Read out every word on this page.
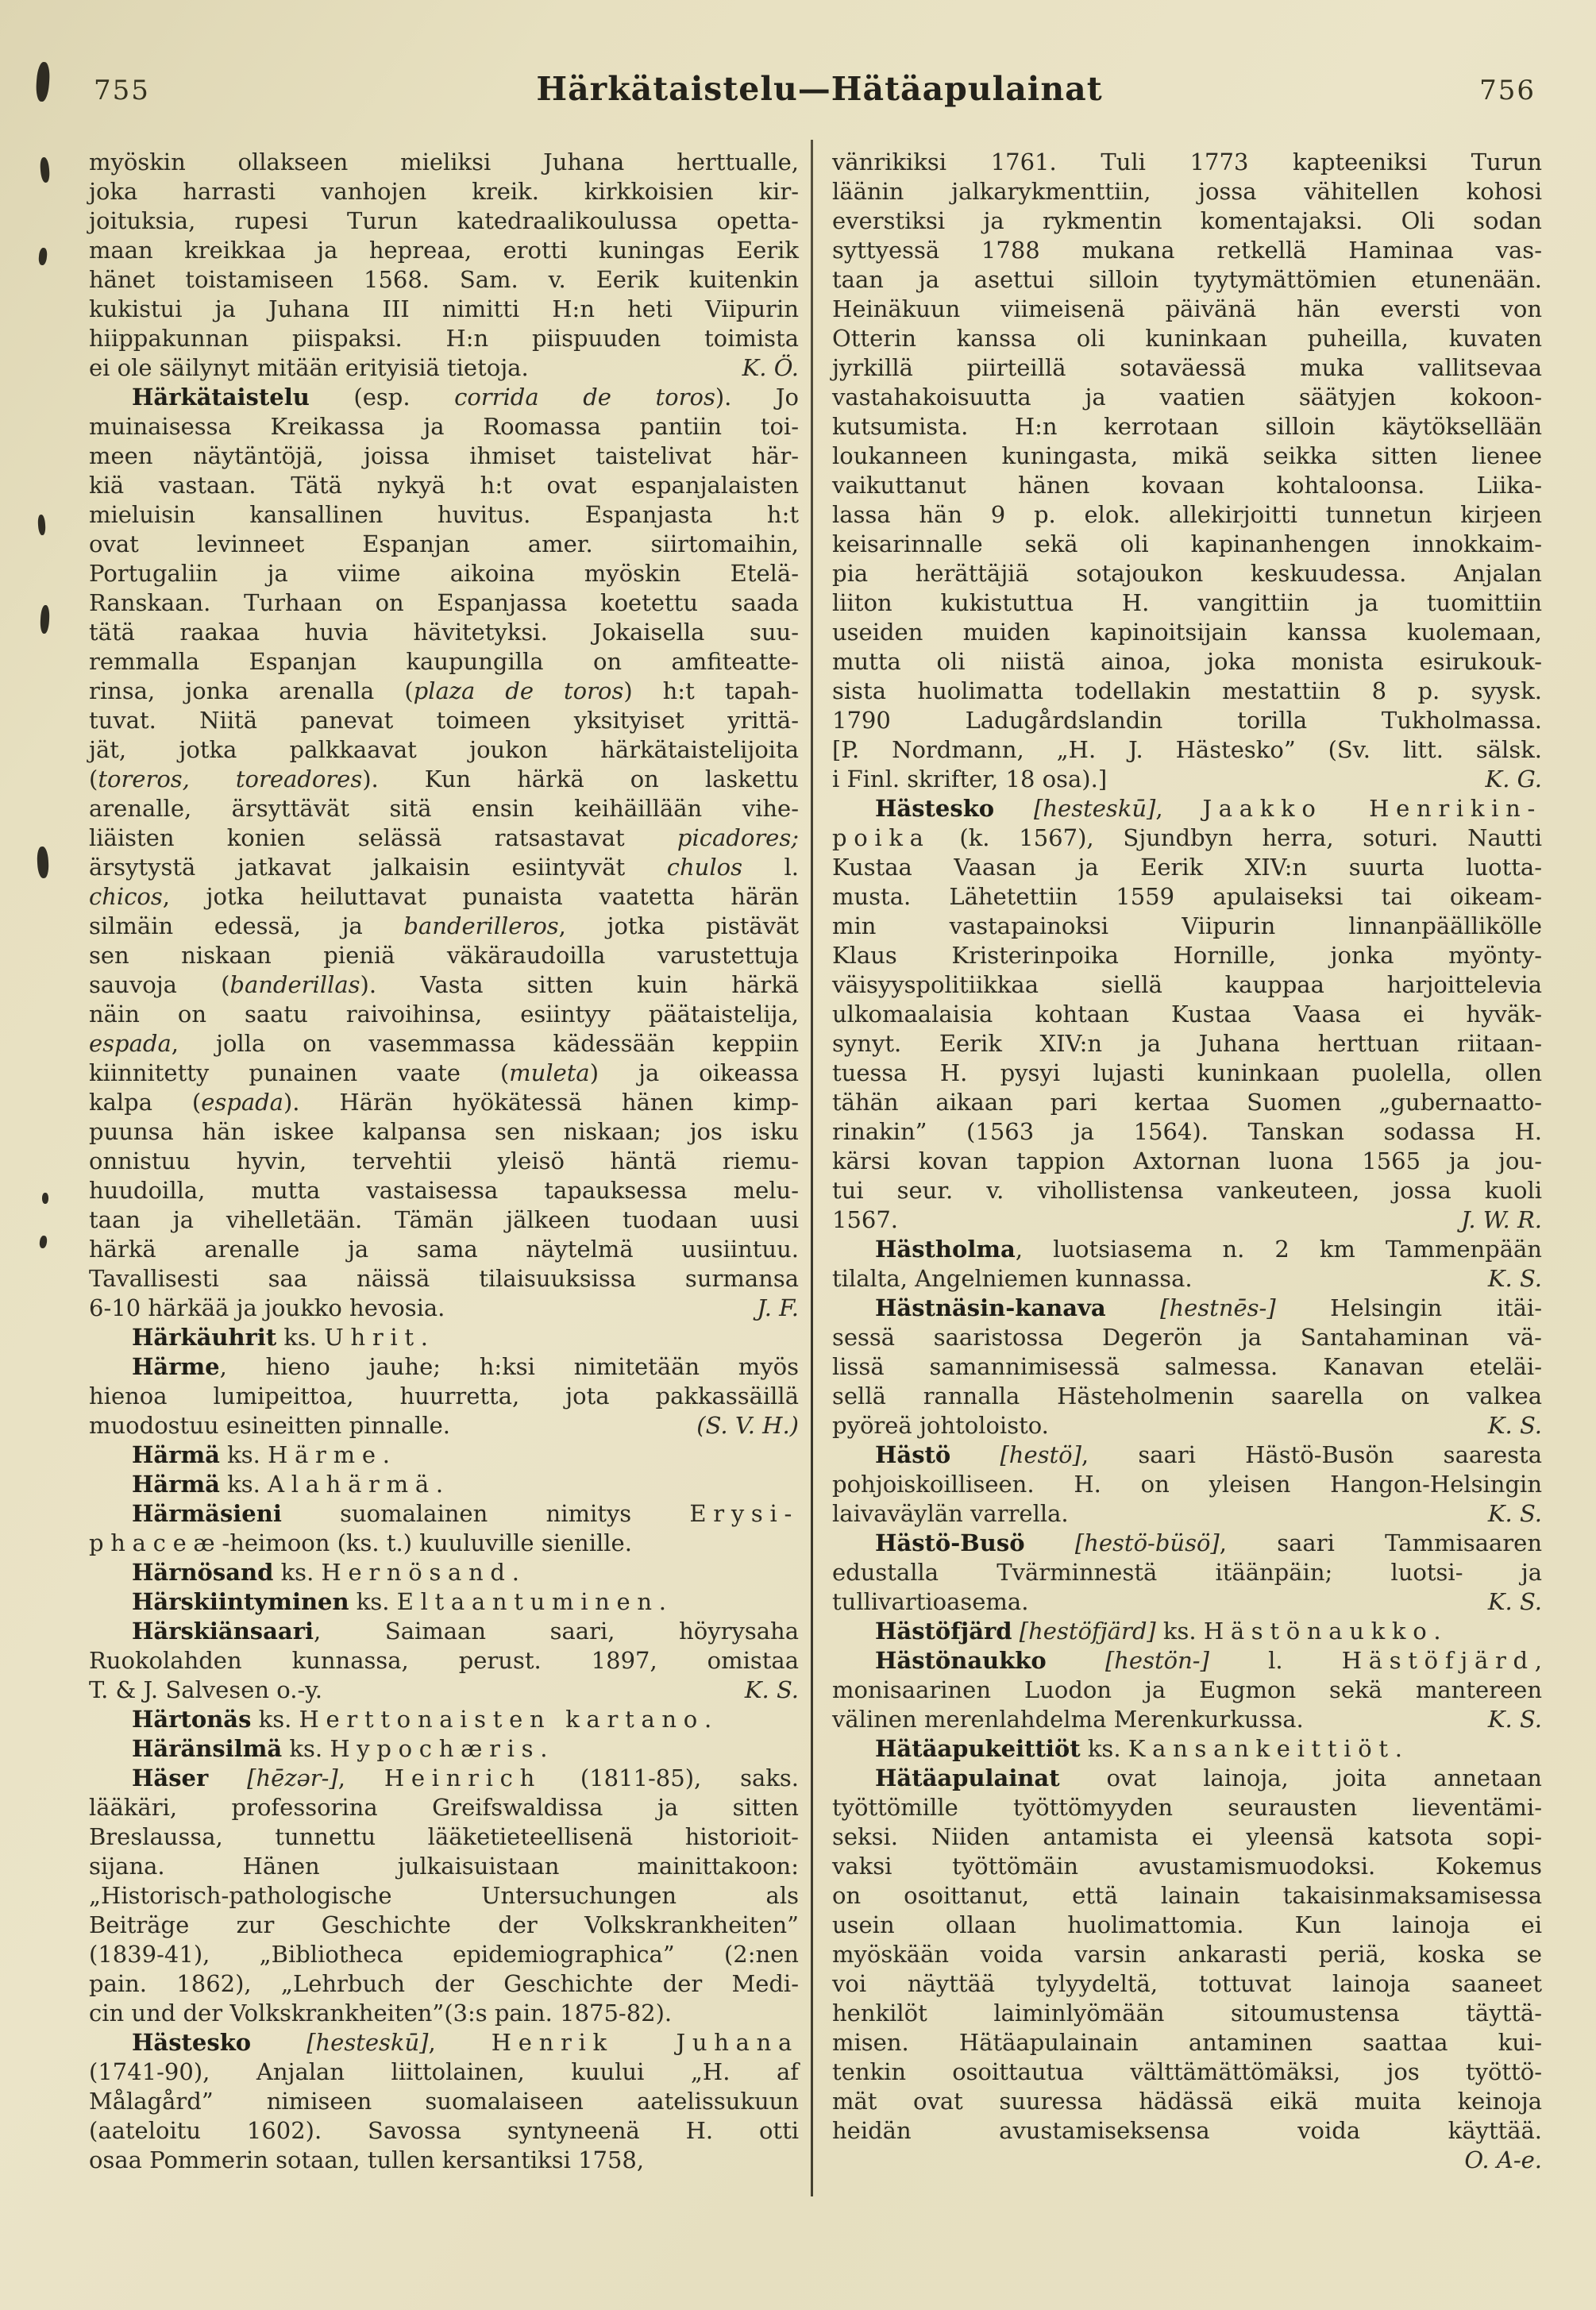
755	Härkätaistelu—Hätäapulainat	756
myöskin ollakseen mieliksi Juhana herttualle,
joka harrasti vanhojen kreik. kirkkoisien kir-
joituksia, rupesi Turun katedraalikoulussa opetta-
maan kreikkaa ja hepreaa, erotti kuningas Eerik
hänet toistamiseen 1568. Sam. v. Eerik kuitenkin
kukistui ja Juhana III nimitti H:n heti Viipurin
hiippakunnan piispaksi. H:n piispuuden toimista
ei ole säilynyt mitään erityisiä tietoja.	K. Ö.
Härkätaistelu (esp. corrida de toros). Jo
muinaisessa Kreikassa ja Roomassa pantiin toi-
meen näytäntöjä, joissa ihmiset taistelivat här-
kiä vastaan. Tätä nykyä h:t ovat espanjalaisten
mieluisin kansallinen huvitus. Espanjasta h:t
ovat levinneet Espanjan amer. siirtomaihin,
Portugaliin ja viime aikoina myöskin Etelä-
Ranskaan. Turhaan on Espanjassa koetettu saada
tätä raakaa huvia hävitetyksi. Jokaisella suu-
remmalla Espanjan kaupungilla on amfiteatte-
rinsa, jonka arenalla (plaza de toros) h:t tapah-
tuvat. Niitä panevat toimeen yksityiset yrittä-
jät, jotka palkkaavat joukon härkätaistelijoita
(toreros, toreadores). Kun härkä on laskettu
arenalle, ärsyttävät sitä ensin keihäillään vihe-
liäisten konien selässä ratsastavat picadores;
ärsytystä jatkavat jalkaisin esiintyvät chulos l.
chicos, jotka heiluttavat punaista vaatetta härän
silmäin edessä, ja banderilleros, jotka pistävät
sen niskaan pieniä väkäraudoilla varustettuja
sauvoja (banderillas). Vasta sitten kuin härkä
näin on saatu raivoihinsa, esiintyy päätaistelija,
espada, jolla on vasemmassa kädessään keppiin
kiinnitetty punainen vaate (muleta) ja oikeassa
kalpa (espada). Härän hyökätessä hänen kimp-
puunsa hän iskee kalpansa sen niskaan; jos isku
onnistuu hyvin, tervehtii yleisö häntä riemu-
huudoilla, mutta vastaisessa tapauksessa melu-
taan ja vihelletään. Tämän jälkeen tuodaan uusi
härkä arenalle ja sama näytelmä uusiintuu.
Tavallisesti saa näissä tilaisuuksissa surmansa
6-10 härkää ja joukko hevosia.	J. F.
Härkäuhrit ks. Uhrit.
Härme, hieno jauhe; h:ksi nimitetään myös
hienoa lumipeittoa, huurretta, jota pakkassäillä
muodostuu esineitten pinnalle.	(S. V. H.)
Härmä ks. Härme.
Härmä ks. Alahärmä.
Härmäsieni suomalainen nimitys Erysi-
phaceæ-heimoon (ks. t.) kuuluville sienille.
Härnösand ks. Hernösand.
Härskiintyminen ks. Eltaantuminen.
Härskiänsaari, Saimaan saari, höyrysaha
Ruokolahden kunnassa, perust. 1897, omistaa
T. & J. Salvesen o.-y.	K. S.
Härtonäs ks. Herttonaisten kartano.
Häränsilmä ks. Hypochæris.
Häser [hēzər-], Heinrich (1811-85), saks.
lääkäri, professorina Greifswaldissa ja sitten
Breslaussa, tunnettu lääketieteellisenä historioit-
sijana. Hänen julkaisuistaan mainittakoon:
„Historisch-pathologische Untersuchungen als
Beiträge zur Geschichte der Volkskrankheiten”
(1839-41), „Bibliotheca epidemiographica” (2:nen
pain. 1862), „Lehrbuch der Geschichte der Medi-
cin und der Volkskrankheiten”(3:s pain. 1875-82).
Hästesko [hesteskū], Henrik Juhana
(1741-90), Anjalan liittolainen, kuului „H. af
Målagård” nimiseen suomalaiseen aatelissukuun
(aateloitu 1602). Savossa syntyneenä H. otti
osaa Pommerin sotaan, tullen kersantiksi 1758,
vänrikiksi 1761. Tuli 1773 kapteeniksi Turun
läänin jalkarykmenttiin, jossa vähitellen kohosi
everstiksi ja rykmentin komentajaksi. Oli sodan
syttyessä 1788 mukana retkellä Haminaa vas-
taan ja asettui silloin tyytymättömien etunenään.
Heinäkuun viimeisenä päivänä hän eversti von
Otterin kanssa oli kuninkaan puheilla, kuvaten
jyrkillä piirteillä sotaväessä muka vallitsevaa
vastahakoisuutta ja vaatien säätyjen kokoon-
kutsumista. H:n kerrotaan silloin käytöksellään
loukanneen kuningasta, mikä seikka sitten lienee
vaikuttanut hänen kovaan kohtaloonsa. Liika-
lassa hän 9 p. elok. allekirjoitti tunnetun kirjeen
keisarinnalle sekä oli kapinanhengen innokkaim-
pia herättäjiä sotajoukon keskuudessa. Anjalan
liiton kukistuttua H. vangittiin ja tuomittiin
useiden muiden kapinoitsijain kanssa kuolemaan,
mutta oli niistä ainoa, joka monista esirukouk-
sista huolimatta todellakin mestattiin 8 p. syysk.
1790 Ladugårdslandin torilla Tukholmassa.
[P. Nordmann, „H. J. Hästesko” (Sv. litt. sälsk.
i Finl. skrifter, 18 osa).]	K. G.
Hästesko [hesteskū], Jaakko Henrikin-
poika (k. 1567), Sjundbyn herra, soturi. Nautti
Kustaa Vaasan ja Eerik XIV:n suurta luotta-
musta. Lähetettiin 1559 apulaiseksi tai oikeam-
min vastapainoksi Viipurin linnanpäällikölle
Klaus Kristerinpoika Hornille, jonka myönty-
väisyyspolitiikkaa siellä kauppaa harjoittelevia
ulkomaalaisia kohtaan Kustaa Vaasa ei hyväk-
synyt. Eerik XIV:n ja Juhana herttuan riitaan-
tuessa H. pysyi lujasti kuninkaan puolella, ollen
tähän aikaan pari kertaa Suomen „gubernaatto-
rinakin” (1563 ja 1564). Tanskan sodassa H.
kärsi kovan tappion Axtornan luona 1565 ja jou-
tui seur. v. vihollistensa vankeuteen, jossa kuoli
1567.	J. W. R.
Hästholma, luotsiasema n. 2 km Tammenpään
tilalta, Angelniemen kunnassa.	K. S.
Hästnäsin-kanava [hestnēs-] Helsingin itäi-
sessä saaristossa Degerön ja Santahaminan vä-
lissä samannimisessä salmessa. Kanavan eteläi-
sellä rannalla Hästeholmenin saarella on valkea
pyöreä johtoloisto.	K. S.
Hästö [hestö], saari Hästö-Busön saaresta
pohjoiskoilliseen. H. on yleisen Hangon-Helsingin
laivaväylän varrella.	K. S.
Hästö-Busö [hestö-büsö], saari Tammisaaren
edustalla Tvärminnestä itäänpäin; luotsi- ja
tullivartioasema.	K. S.
Hästöfjärd [hestöfjärd] ks. Hästönaukko.
Hästönaukko	[hestön-] l. Hästöfjärd,
monisaarinen Luodon ja Eugmon sekä mantereen
välinen merenlahdelma Merenkurkussa.	K. S.
Hätäapukeittiöt ks. Kansankeittiöt.
Hätäapulainat ovat lainoja, joita annetaan
työttömille työttömyyden seurausten lieventämi-
seksi. Niiden antamista ei yleensä katsota sopi-
vaksi työttömäin avustamismuodoksi. Kokemus
on osoittanut, että lainain takaisinmaksamisessa
usein ollaan huolimattomia. Kun lainoja ei
myöskään voida varsin ankarasti periä, koska se
voi näyttää tylyydeltä, tottuvat lainoja saaneet
henkilöt laiminlyömään sitoumustensa täyttä-
misen. Hätäapulainain antaminen saattaa kui-
tenkin osoittautua välttämättömäksi, jos työttö-
mät ovat suuressa hädässä eikä muita keinoja
heidän avustamiseksensa voida käyttää.
O. A-e.
